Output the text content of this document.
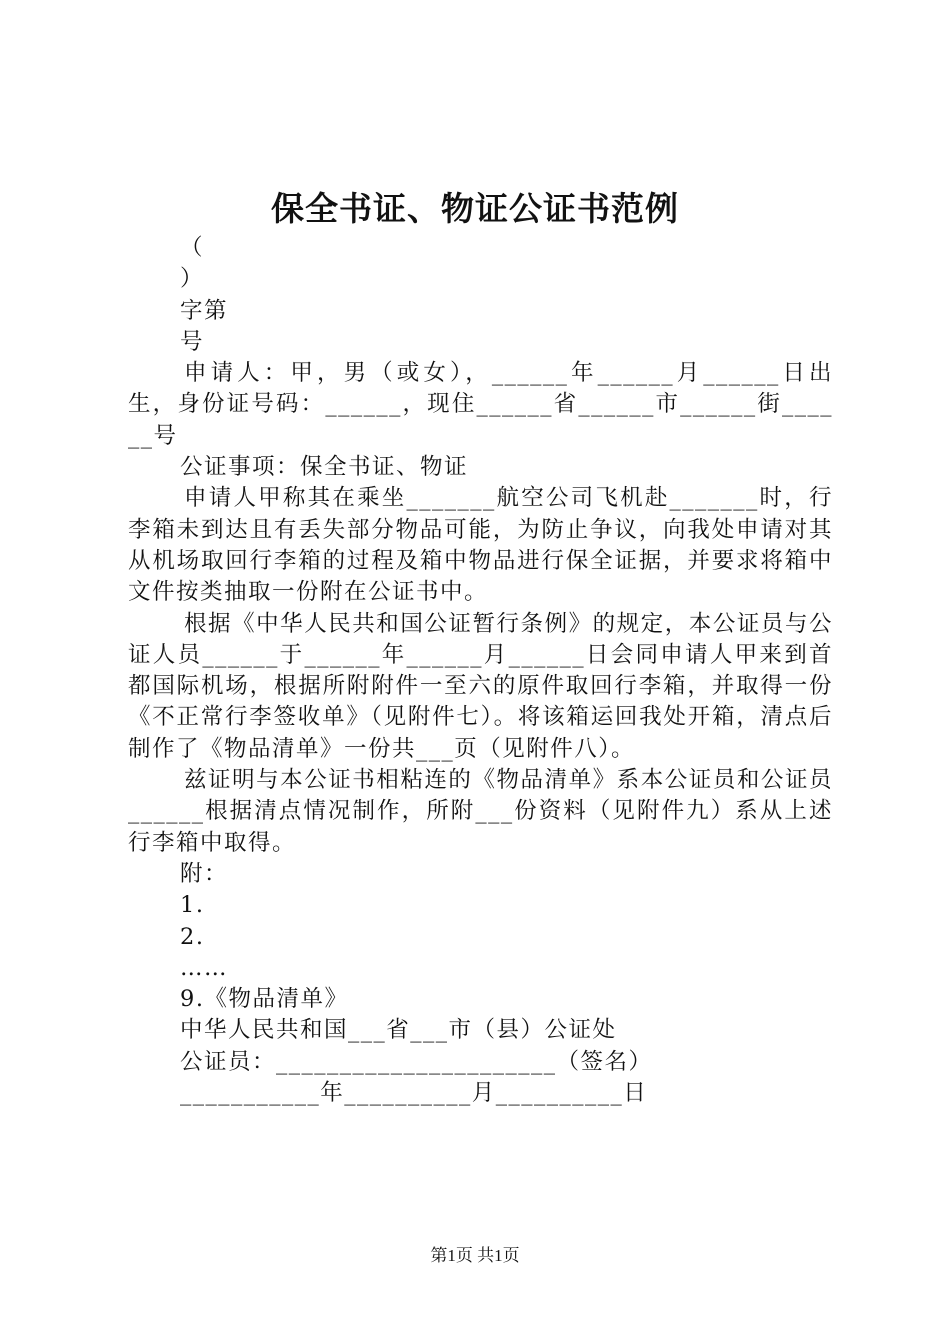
保全书证、物证公证书范例

（

）

字第

号

申请人：甲，男（或女），______年______月______日出生，身份证号码：______，现住______省______市______街______号

公证事项：保全书证、物证

申请人甲称其在乘坐_______航空公司飞机赴_______时，行李箱未到达且有丢失部分物品可能，为防止争议，向我处申请对其从机场取回行李箱的过程及箱中物品进行保全证据，并要求将箱中文件按类抽取一份附在公证书中。

根据《中华人民共和国公证暂行条例》的规定，本公证员与公证人员______于______年______月______日会同申请人甲来到首都国际机场，根据所附附件一至六的原件取回行李箱，并取得一份《不正常行李签收单》（见附件七）。将该箱运回我处开箱，清点后制作了《物品清单》一份共___页（见附件八）。

兹证明与本公证书相粘连的《物品清单》系本公证员和公证员______根据清点情况制作，所附___份资料（见附件九）系从上述行李箱中取得。

附：

1.

2.

……

9.《物品清单》

中华人民共和国___省___市（县）公证处

公证员：______________________（签名）

___________年__________月__________日

第1页 共1页
